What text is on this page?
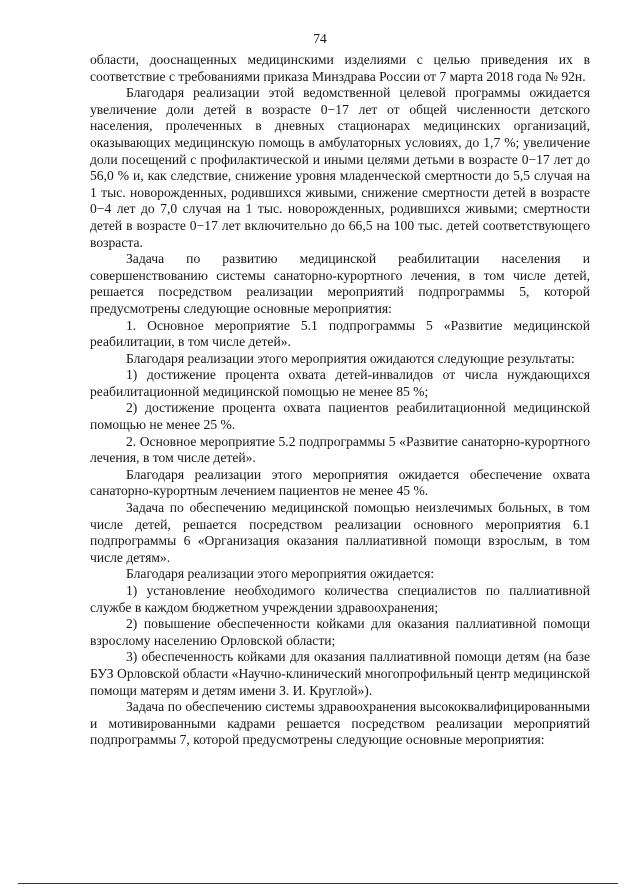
74

области, дооснащенных медицинскими изделиями с целью приведения их в соответствие с требованиями приказа Минздрава России от 7 марта 2018 года № 92н.

Благодаря реализации этой ведомственной целевой программы ожидается увеличение доли детей в возрасте 0−17 лет от общей численности детского населения, пролеченных в дневных стационарах медицинских организаций, оказывающих медицинскую помощь в амбулаторных условиях, до 1,7 %; увеличение доли посещений с профилактической и иными целями детьми в возрасте 0−17 лет до 56,0 % и, как следствие, снижение уровня младенческой смертности до 5,5 случая на 1 тыс. новорожденных, родившихся живыми, снижение смертности детей в возрасте 0−4 лет до 7,0 случая на 1 тыс. новорожденных, родившихся живыми; смертности детей в возрасте 0−17 лет включительно до 66,5 на 100 тыс. детей соответствующего возраста.

Задача по развитию медицинской реабилитации населения и совершенствованию системы санаторно-курортного лечения, в том числе детей, решается посредством реализации мероприятий подпрограммы 5, которой предусмотрены следующие основные мероприятия:

1. Основное мероприятие 5.1 подпрограммы 5 «Развитие медицинской реабилитации, в том числе детей».

Благодаря реализации этого мероприятия ожидаются следующие результаты:

1) достижение процента охвата детей-инвалидов от числа нуждающихся реабилитационной медицинской помощью не менее 85 %;

2) достижение процента охвата пациентов реабилитационной медицинской помощью не менее 25 %.

2. Основное мероприятие 5.2 подпрограммы 5 «Развитие санаторно-курортного лечения, в том числе детей».

Благодаря реализации этого мероприятия ожидается обеспечение охвата санаторно-курортным лечением пациентов не менее 45 %.

Задача по обеспечению медицинской помощью неизлечимых больных, в том числе детей, решается посредством реализации основного мероприятия 6.1 подпрограммы 6 «Организация оказания паллиативной помощи взрослым, в том числе детям».

Благодаря реализации этого мероприятия ожидается:

1) установление необходимого количества специалистов по паллиативной службе в каждом бюджетном учреждении здравоохранения;

2) повышение обеспеченности койками для оказания паллиативной помощи взрослому населению Орловской области;

3) обеспеченность койками для оказания паллиативной помощи детям (на базе БУЗ Орловской области «Научно-клинический многопрофильный центр медицинской помощи матерям и детям имени З. И. Круглой»).

Задача по обеспечению системы здравоохранения высококвалифицированными и мотивированными кадрами решается посредством реализации мероприятий подпрограммы 7, которой предусмотрены следующие основные мероприятия:
